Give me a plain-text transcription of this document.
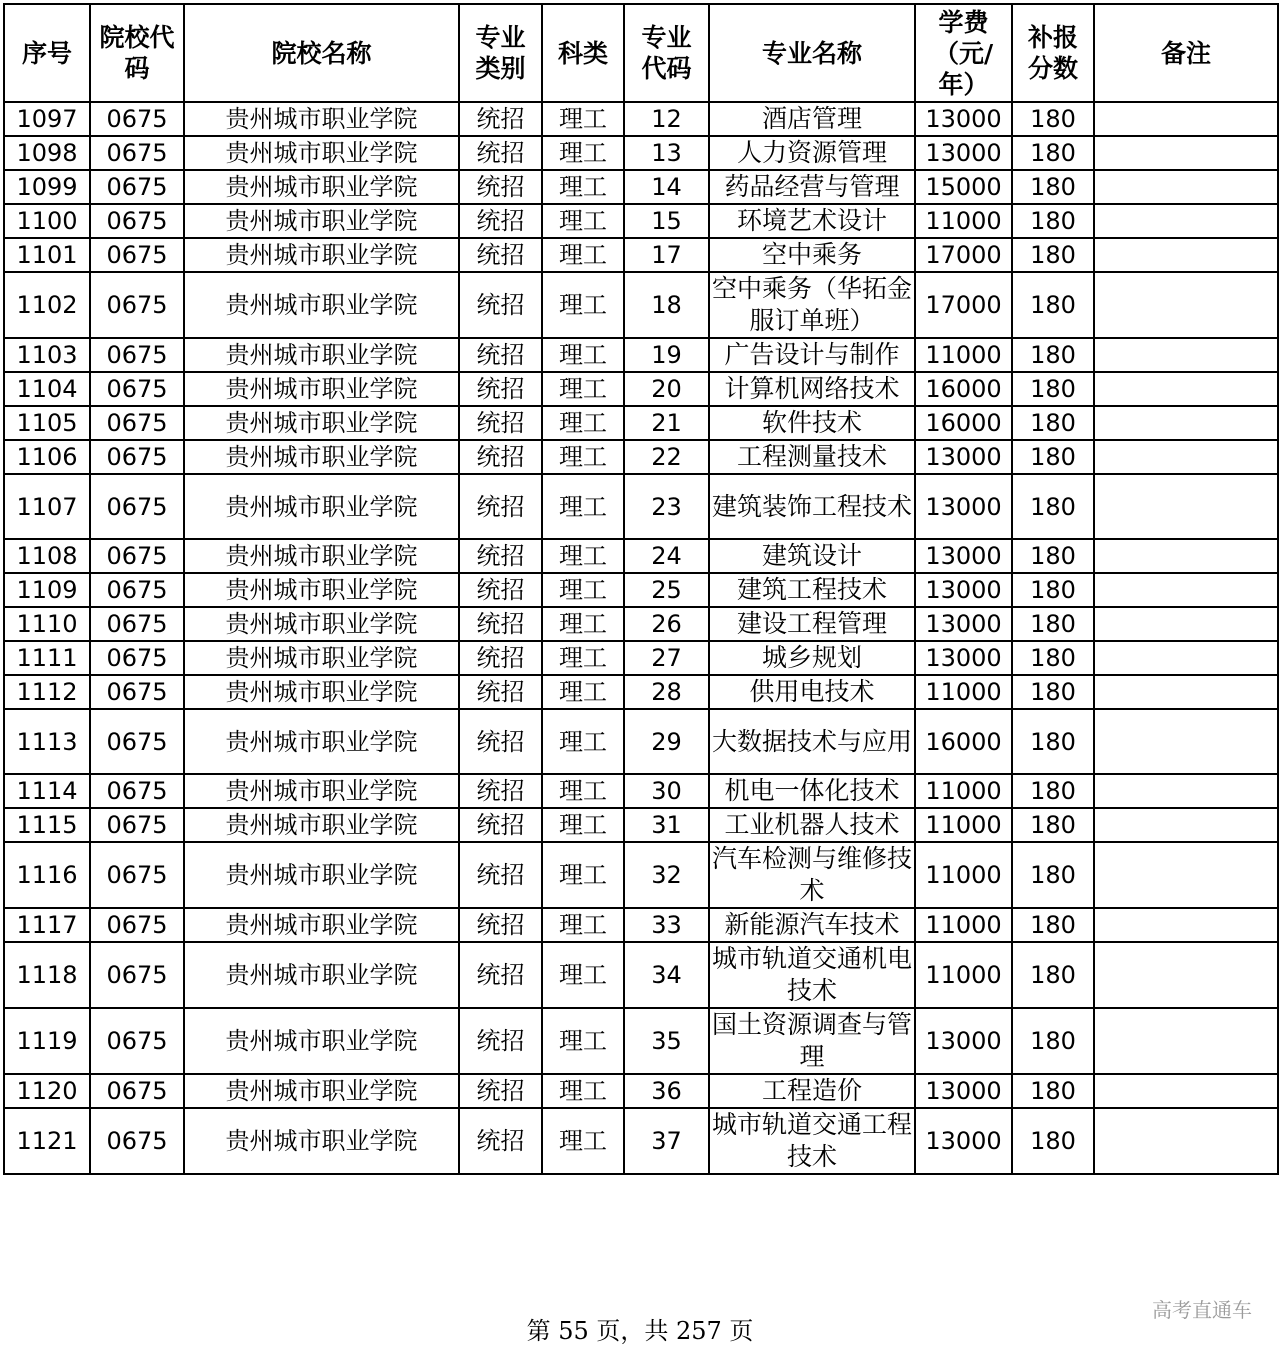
序号	院校代码	院校名称	专业类别	科类	专业代码	专业名称	学费（元/年）	补报分数	备注
1097	0675	贵州城市职业学院	统招	理工	12	酒店管理	13000	180	
1098	0675	贵州城市职业学院	统招	理工	13	人力资源管理	13000	180	
1099	0675	贵州城市职业学院	统招	理工	14	药品经营与管理	15000	180	
1100	0675	贵州城市职业学院	统招	理工	15	环境艺术设计	11000	180	
1101	0675	贵州城市职业学院	统招	理工	17	空中乘务	17000	180	
1102	0675	贵州城市职业学院	统招	理工	18	空中乘务（华拓金服订单班）	17000	180	
1103	0675	贵州城市职业学院	统招	理工	19	广告设计与制作	11000	180	
1104	0675	贵州城市职业学院	统招	理工	20	计算机网络技术	16000	180	
1105	0675	贵州城市职业学院	统招	理工	21	软件技术	16000	180	
1106	0675	贵州城市职业学院	统招	理工	22	工程测量技术	13000	180	
1107	0675	贵州城市职业学院	统招	理工	23	建筑装饰工程技术	13000	180	
1108	0675	贵州城市职业学院	统招	理工	24	建筑设计	13000	180	
1109	0675	贵州城市职业学院	统招	理工	25	建筑工程技术	13000	180	
1110	0675	贵州城市职业学院	统招	理工	26	建设工程管理	13000	180	
1111	0675	贵州城市职业学院	统招	理工	27	城乡规划	13000	180	
1112	0675	贵州城市职业学院	统招	理工	28	供用电技术	11000	180	
1113	0675	贵州城市职业学院	统招	理工	29	大数据技术与应用	16000	180	
1114	0675	贵州城市职业学院	统招	理工	30	机电一体化技术	11000	180	
1115	0675	贵州城市职业学院	统招	理工	31	工业机器人技术	11000	180	
1116	0675	贵州城市职业学院	统招	理工	32	汽车检测与维修技术	11000	180	
1117	0675	贵州城市职业学院	统招	理工	33	新能源汽车技术	11000	180	
1118	0675	贵州城市职业学院	统招	理工	34	城市轨道交通机电技术	11000	180	
1119	0675	贵州城市职业学院	统招	理工	35	国土资源调查与管理	13000	180	
1120	0675	贵州城市职业学院	统招	理工	36	工程造价	13000	180	
1121	0675	贵州城市职业学院	统招	理工	37	城市轨道交通工程技术	13000	180	
第 55 页，共 257 页
高考直通车
